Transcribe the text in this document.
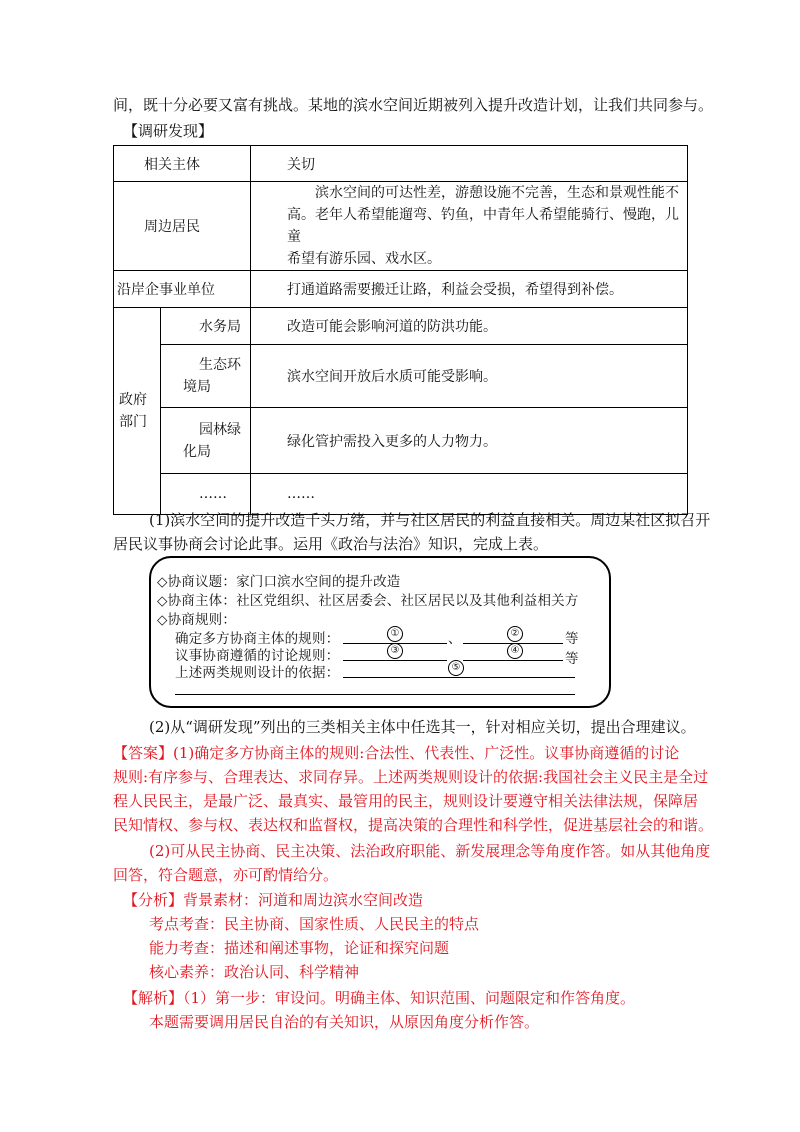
间，既十分必要又富有挑战。某地的滨水空间近期被列入提升改造计划，让我们共同参与。
【调研发现】
相关主体		关切
周边居民		滨水空间的可达性差，游憩设施不完善，生态和景观性能不
高。老年人希望能遛弯、钓鱼，中青年人希望能骑行、慢跑，儿童
希望有游乐园、戏水区。

沿岸企事业单位		打通道路需要搬迁让路，利益会受损，希望得到补偿。

政府
部门	水务局	改造可能会影响河道的防洪功能。

	生态环
境局	滨水空间开放后水质可能受影响。

	园林绿
化局	绿化管护需投入更多的人力物力。
	……	……
(1)滨水空间的提升改造千头万绪，并与社区居民的利益直接相关。周边某社区拟召开
居民议事协商会讨论此事。运用《政治与法治》知识，完成上表。
◇协商议题：家门口滨水空间的提升改造
◇协商主体：社区党组织、社区居委会、社区居民以及其他利益相关方
◇协商规则：
确定多方协商主体的规则：	①	、	②	等
议事协商遵循的讨论规则：	③	④
等
上述两类规则设计的依据：	⑤
(2)从“调研发现”列出的三类相关主体中任选其一，针对相应关切，提出合理建议。
【答案】(1)确定多方协商主体的规则:合法性、代表性、广泛性。议事协商遵循的讨论
规则:有序参与、合理表达、求同存异。上述两类规则设计的依据:我国社会主义民主是全过
程人民民主，是最广泛、最真实、最管用的民主，规则设计要遵守相关法律法规，保障居
民知情权、参与权、表达权和监督权，提高决策的合理性和科学性，促进基层社会的和谐。
(2)可从民主协商、民主决策、法治政府职能、新发展理念等角度作答。如从其他角度
回答，符合题意，亦可酌情给分。
【分析】背景素材：河道和周边滨水空间改造
考点考查：民主协商、国家性质、人民民主的特点
能力考查：描述和阐述事物，论证和探究问题
核心素养：政治认同、科学精神
【解析】（1）第一步：审设问。明确主体、知识范围、问题限定和作答角度。
本题需要调用居民自治的有关知识，从原因角度分析作答。
